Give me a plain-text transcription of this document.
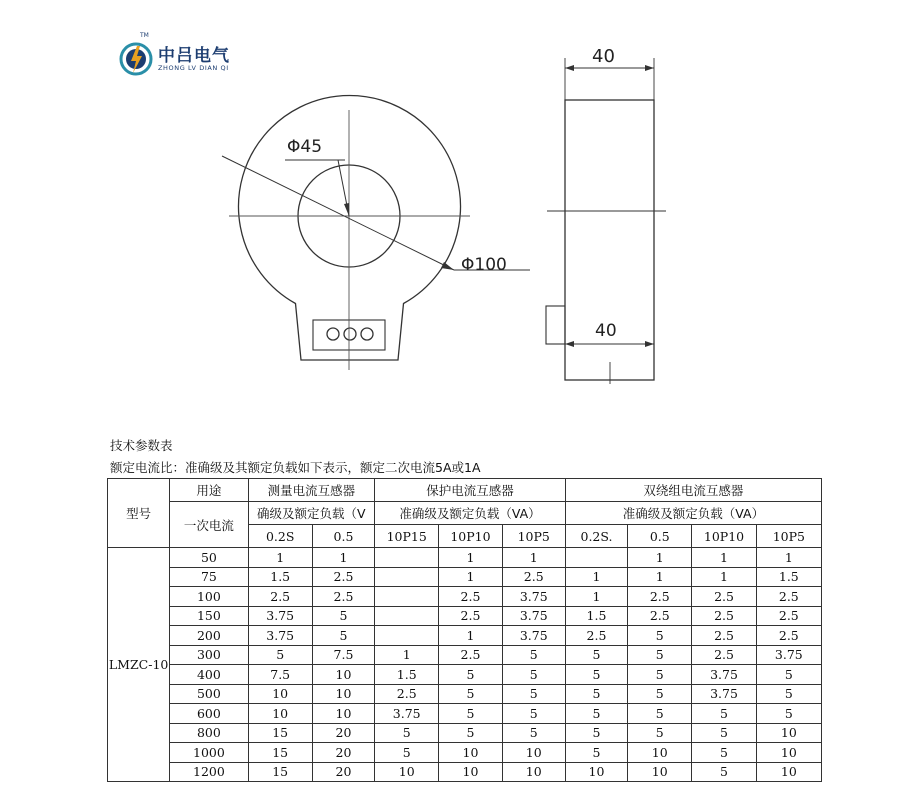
TM
中吕电气
ZHONG LV DIAN QI
Φ45
Φ100
40
40
技术参数表
额定电流比：准确级及其额定负载如下表示，额定二次电流5A或1A
型号	用途	测量电流互感器		保护电流互感器			双绕组电流互感器			
	一次电流	确级及额定负载（V		准确级及额定负载（VA）			准确级及额定负载（VA）			
		0.2S	0.5	10P15	10P10	10P5	0.2S.	0.5	10P10	10P5
LMZC-10	50	1	1		1	1		1	1	1
	75	1.5	2.5		1	2.5	1	1	1	1.5
	100	2.5	2.5		2.5	3.75	1	2.5	2.5	2.5
	150	3.75	5		2.5	3.75	1.5	2.5	2.5	2.5
	200	3.75	5		1	3.75	2.5	5	2.5	2.5
	300	5	7.5	1	2.5	5	5	5	2.5	3.75
	400	7.5	10	1.5	5	5	5	5	3.75	5
	500	10	10	2.5	5	5	5	5	3.75	5
	600	10	10	3.75	5	5	5	5	5	5
	800	15	20	5	5	5	5	5	5	10
	1000	15	20	5	10	10	5	10	5	10
	1200	15	20	10	10	10	10	10	5	10
